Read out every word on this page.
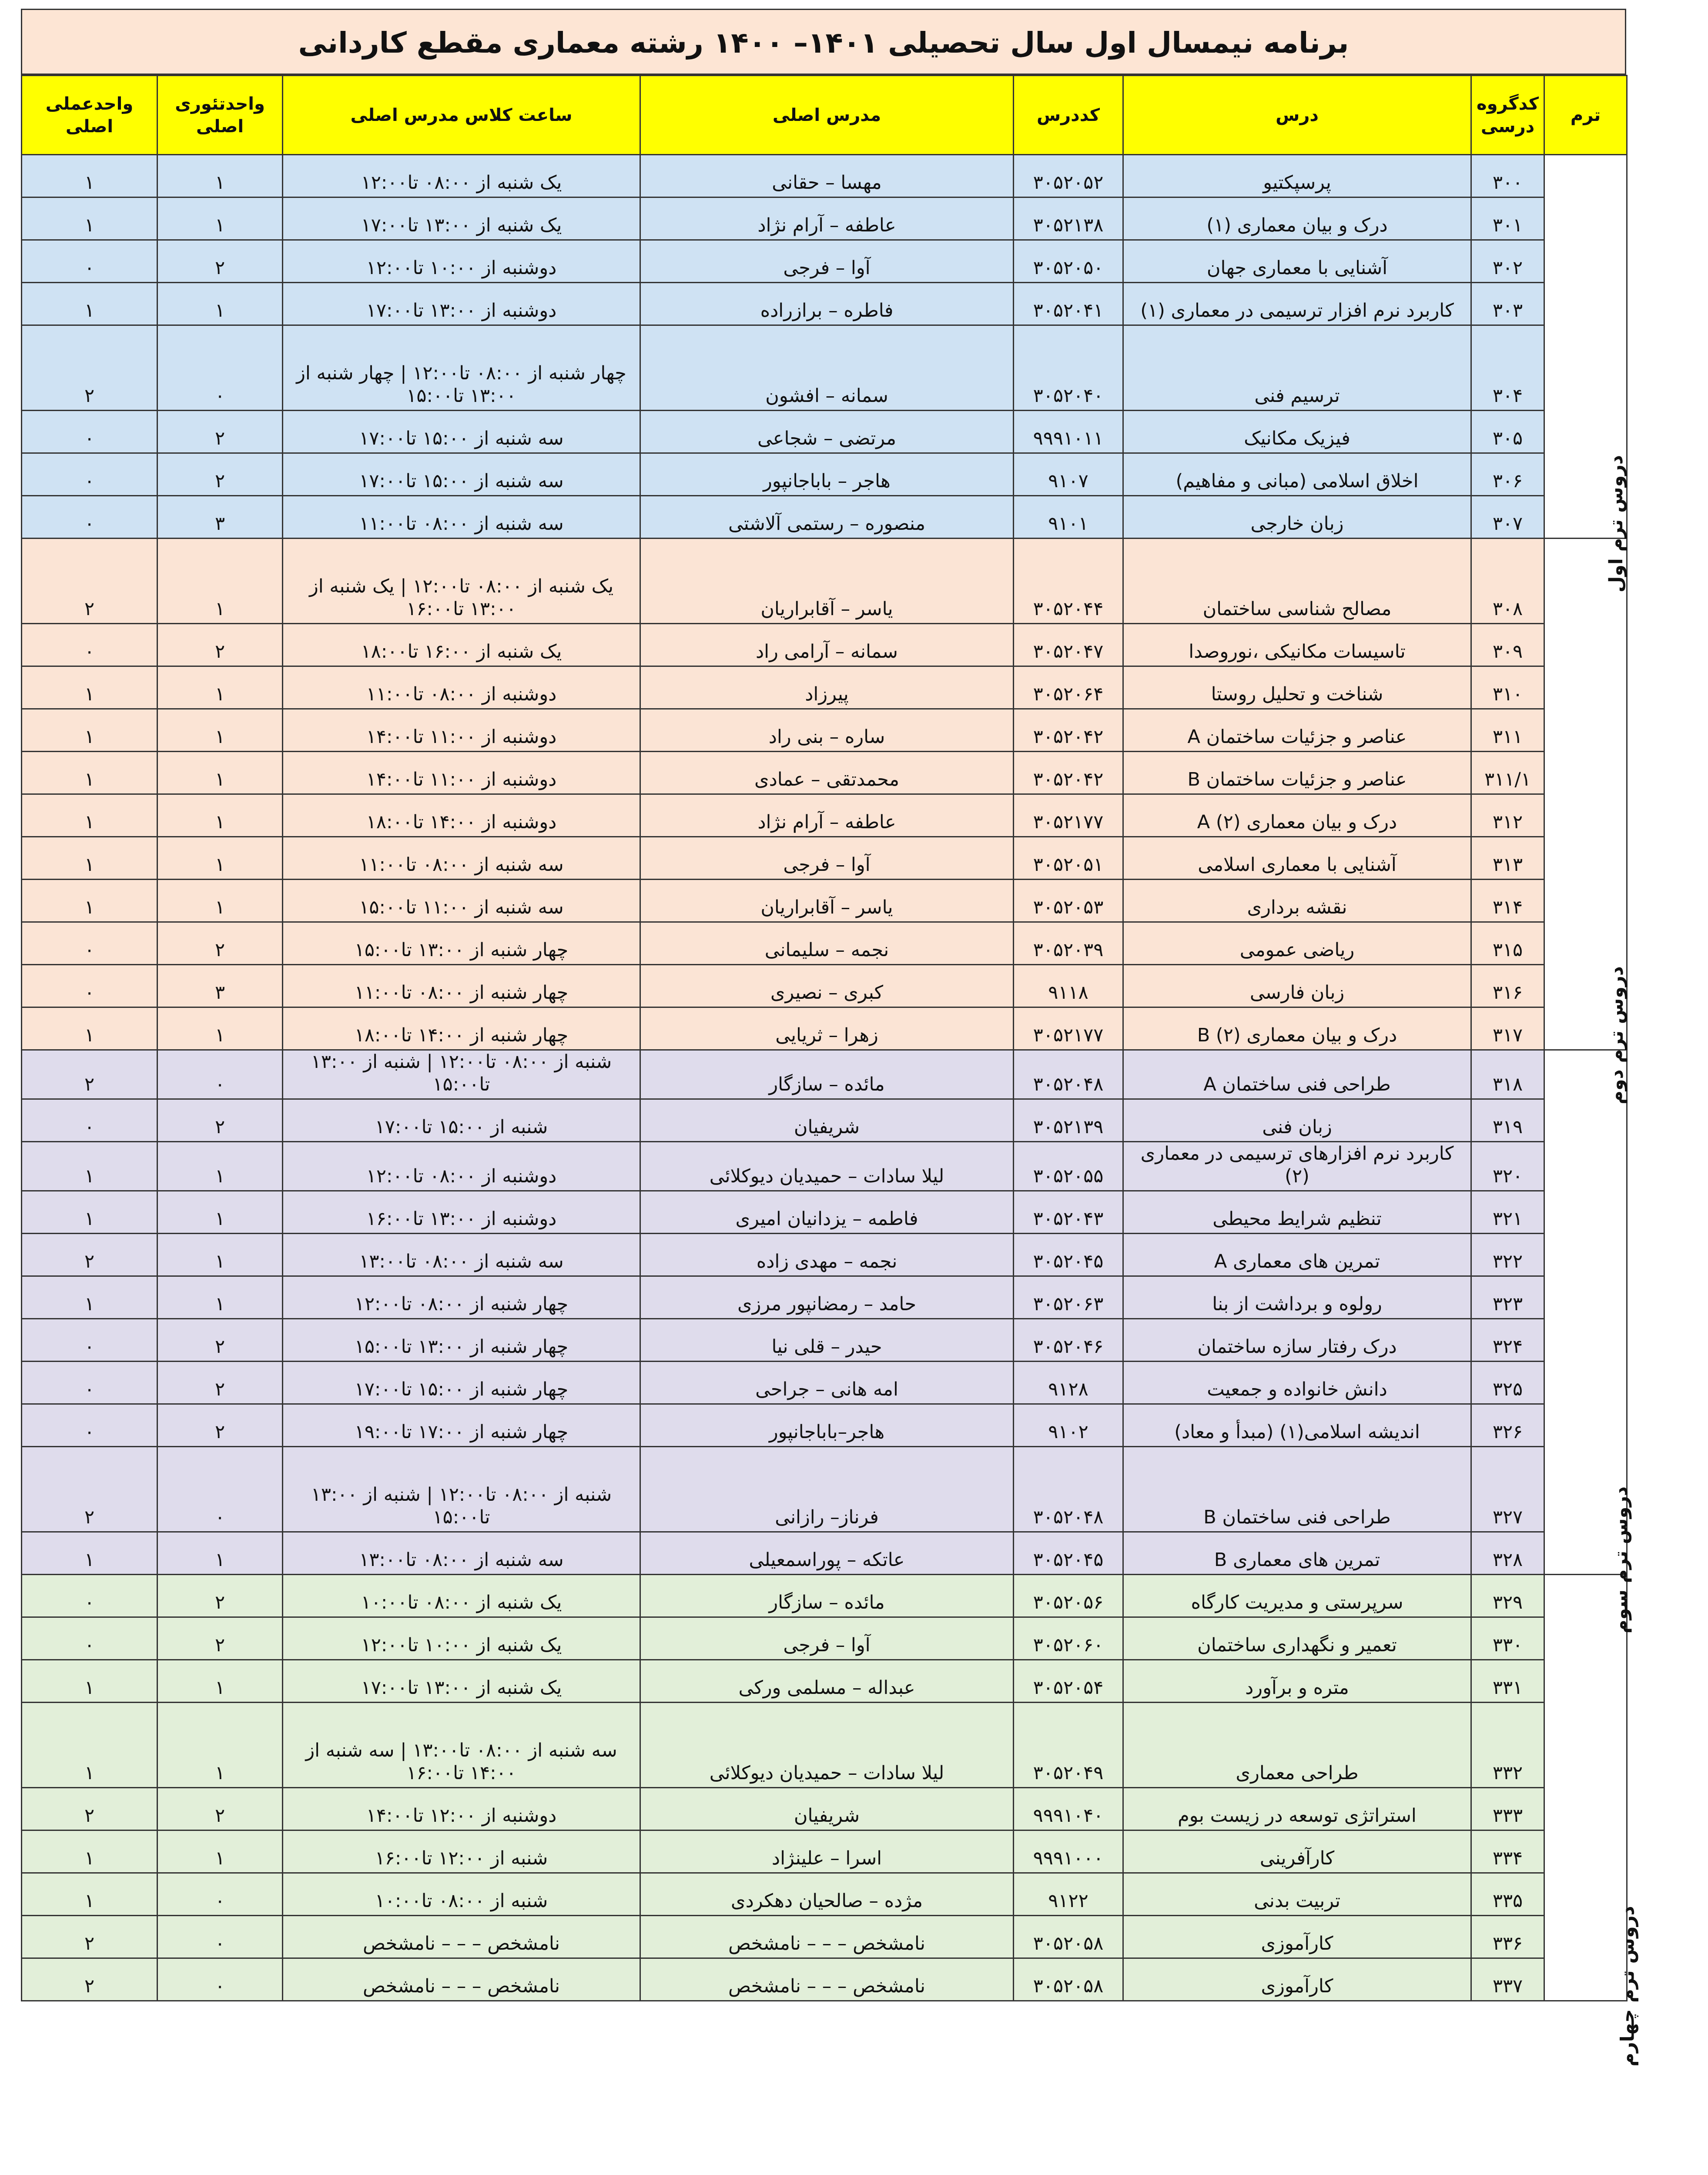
برنامه نیمسال اول سال تحصیلی ۱۴۰۱– ۱۴۰۰ رشته معماری مقطع کاردانی
واحدعملی اصلی	واحدتئوری اصلی	ساعت کلاس مدرس اصلی	مدرس اصلی	کددرس	درس	کدگروه درسی	ترم
۱	۱	یک شنبه از ۰۸:۰۰ تا۱۲:۰۰	مهسا – حقانی	۳۰۵۲۰۵۲	پرسپکتیو	۳۰۰	دروس ترم اول
۱	۱	یک شنبه از ۱۳:۰۰ تا۱۷:۰۰	عاطفه – آرام نژاد	۳۰۵۲۱۳۸	درک و بیان معماری (۱)	۳۰۱	
۰	۲	دوشنبه از ۱۰:۰۰ تا۱۲:۰۰	آوا – فرجی	۳۰۵۲۰۵۰	آشنایی با معماری جهان	۳۰۲	
۱	۱	دوشنبه از ۱۳:۰۰ تا۱۷:۰۰	فاطره – برازراده	۳۰۵۲۰۴۱	کاربرد نرم افزار ترسیمی در معماری (۱)	۳۰۳	
۲	۰	چهار شنبه از ۰۸:۰۰ تا۱۲:۰۰ | چهار شنبه از ۱۳:۰۰ تا۱۵:۰۰	سمانه – افشون	۳۰۵۲۰۴۰	ترسیم فنی	۳۰۴	
۰	۲	سه شنبه از ۱۵:۰۰ تا۱۷:۰۰	مرتضی – شجاعی	۹۹۹۱۰۱۱	فیزیک مکانیک	۳۰۵	
۰	۲	سه شنبه از ۱۵:۰۰ تا۱۷:۰۰	هاجر – باباجانپور	۹۱۰۷	اخلاق اسلامی (مبانی و مفاهیم)	۳۰۶	
۰	۳	سه شنبه از ۰۸:۰۰ تا۱۱:۰۰	منصوره – رستمی آلاشتی	۹۱۰۱	زبان خارجی	۳۰۷	
۲	۱	یک شنبه از ۰۸:۰۰ تا۱۲:۰۰ | یک شنبه از ۱۳:۰۰ تا۱۶:۰۰	یاسر – آقابراریان	۳۰۵۲۰۴۴	مصالح شناسی ساختمان	۳۰۸	دروس ترم دوم
۰	۲	یک شنبه از ۱۶:۰۰ تا۱۸:۰۰	سمانه – آرامی راد	۳۰۵۲۰۴۷	تاسیسات مکانیکی ،نوروصدا	۳۰۹	
۱	۱	دوشنبه از ۰۸:۰۰ تا۱۱:۰۰	پیرزاد	۳۰۵۲۰۶۴	شناخت و تحلیل روستا	۳۱۰	
۱	۱	دوشنبه از ۱۱:۰۰ تا۱۴:۰۰	ساره – بنی راد	۳۰۵۲۰۴۲	عناصر و جزئیات ساختمان A	۳۱۱	
۱	۱	دوشنبه از ۱۱:۰۰ تا۱۴:۰۰	محمدتقی – عمادی	۳۰۵۲۰۴۲	عناصر و جزئیات ساختمان B	۳۱۱/۱	
۱	۱	دوشنبه از ۱۴:۰۰ تا۱۸:۰۰	عاطفه – آرام نژاد	۳۰۵۲۱۷۷	درک و بیان معماری (۲) A	۳۱۲	
۱	۱	سه شنبه از ۰۸:۰۰ تا۱۱:۰۰	آوا – فرجی	۳۰۵۲۰۵۱	آشنایی با معماری اسلامی	۳۱۳	
۱	۱	سه شنبه از ۱۱:۰۰ تا۱۵:۰۰	یاسر – آقابراریان	۳۰۵۲۰۵۳	نقشه برداری	۳۱۴	
۰	۲	چهار شنبه از ۱۳:۰۰ تا۱۵:۰۰	نجمه – سلیمانی	۳۰۵۲۰۳۹	ریاضی عمومی	۳۱۵	
۰	۳	چهار شنبه از ۰۸:۰۰ تا۱۱:۰۰	کبری – نصیری	۹۱۱۸	زبان فارسی	۳۱۶	
۱	۱	چهار شنبه از ۱۴:۰۰ تا۱۸:۰۰	زهرا – ثریایی	۳۰۵۲۱۷۷	درک و بیان معماری (۲) B	۳۱۷	
۲	۰	شنبه از ۰۸:۰۰ تا۱۲:۰۰ | شنبه از ۱۳:۰۰ تا۱۵:۰۰	مائده – سازگار	۳۰۵۲۰۴۸	طراحی فنی ساختمان A	۳۱۸	دروس ترم سوم
۰	۲	شنبه از ۱۵:۰۰ تا۱۷:۰۰	شریفیان	۳۰۵۲۱۳۹	زبان فنی	۳۱۹	
۱	۱	دوشنبه از ۰۸:۰۰ تا۱۲:۰۰	لیلا سادات – حمیدیان دیوکلائی	۳۰۵۲۰۵۵	کاربرد نرم افزارهای ترسیمی در معماری (۲)	۳۲۰	
۱	۱	دوشنبه از ۱۳:۰۰ تا۱۶:۰۰	فاطمه – یزدانیان امیری	۳۰۵۲۰۴۳	تنظیم شرایط محیطی	۳۲۱	
۲	۱	سه شنبه از ۰۸:۰۰ تا۱۳:۰۰	نجمه – مهدی زاده	۳۰۵۲۰۴۵	تمرین های معماری A	۳۲۲	
۱	۱	چهار شنبه از ۰۸:۰۰ تا۱۲:۰۰	حامد – رمضانپور مرزی	۳۰۵۲۰۶۳	رولوه و برداشت از بنا	۳۲۳	
۰	۲	چهار شنبه از ۱۳:۰۰ تا۱۵:۰۰	حیدر – قلی نیا	۳۰۵۲۰۴۶	درک رفتار سازه ساختمان	۳۲۴	
۰	۲	چهار شنبه از ۱۵:۰۰ تا۱۷:۰۰	امه هانی – جراحی	۹۱۲۸	دانش خانواده و جمعیت	۳۲۵	
۰	۲	چهار شنبه از ۱۷:۰۰ تا۱۹:۰۰	هاجر–باباجانپور	۹۱۰۲	اندیشه اسلامی(۱) (مبدأ و معاد)	۳۲۶	
۲	۰	شنبه از ۰۸:۰۰ تا۱۲:۰۰ | شنبه از ۱۳:۰۰ تا۱۵:۰۰	فرناز– رازانی	۳۰۵۲۰۴۸	طراحی فنی ساختمان B	۳۲۷	
۱	۱	سه شنبه از ۰۸:۰۰ تا۱۳:۰۰	عاتکه – پوراسمعیلی	۳۰۵۲۰۴۵	تمرین های معماری B	۳۲۸	
۰	۲	یک شنبه از ۰۸:۰۰ تا۱۰:۰۰	مائده – سازگار	۳۰۵۲۰۵۶	سرپرستی و مدیریت کارگاه	۳۲۹	دروس ترم چهارم
۰	۲	یک شنبه از ۱۰:۰۰ تا۱۲:۰۰	آوا – فرجی	۳۰۵۲۰۶۰	تعمیر و نگهداری ساختمان	۳۳۰	
۱	۱	یک شنبه از ۱۳:۰۰ تا۱۷:۰۰	عبداله – مسلمی ورکی	۳۰۵۲۰۵۴	متره و برآورد	۳۳۱	
۱	۱	سه شنبه از ۰۸:۰۰ تا۱۳:۰۰ | سه شنبه از ۱۴:۰۰ تا۱۶:۰۰	لیلا سادات – حمیدیان دیوکلائی	۳۰۵۲۰۴۹	طراحی معماری	۳۳۲	
۲	۲	دوشنبه از ۱۲:۰۰ تا۱۴:۰۰	شریفیان	۹۹۹۱۰۴۰	استراتژی توسعه در زیست بوم	۳۳۳	
۱	۱	شنبه از ۱۲:۰۰ تا۱۶:۰۰	اسرا – علینژاد	۹۹۹۱۰۰۰	کارآفرینی	۳۳۴	
۱	۰	شنبه از ۰۸:۰۰ تا۱۰:۰۰	مژده – صالحیان دهکردی	۹۱۲۲	تربیت بدنی	۳۳۵	
۲	۰	نامشخص – – – نامشخص	نامشخص – – – نامشخص	۳۰۵۲۰۵۸	کارآموزی	۳۳۶	
۲	۰	نامشخص – – – نامشخص	نامشخص – – – نامشخص	۳۰۵۲۰۵۸	کارآموزی	۳۳۷	
